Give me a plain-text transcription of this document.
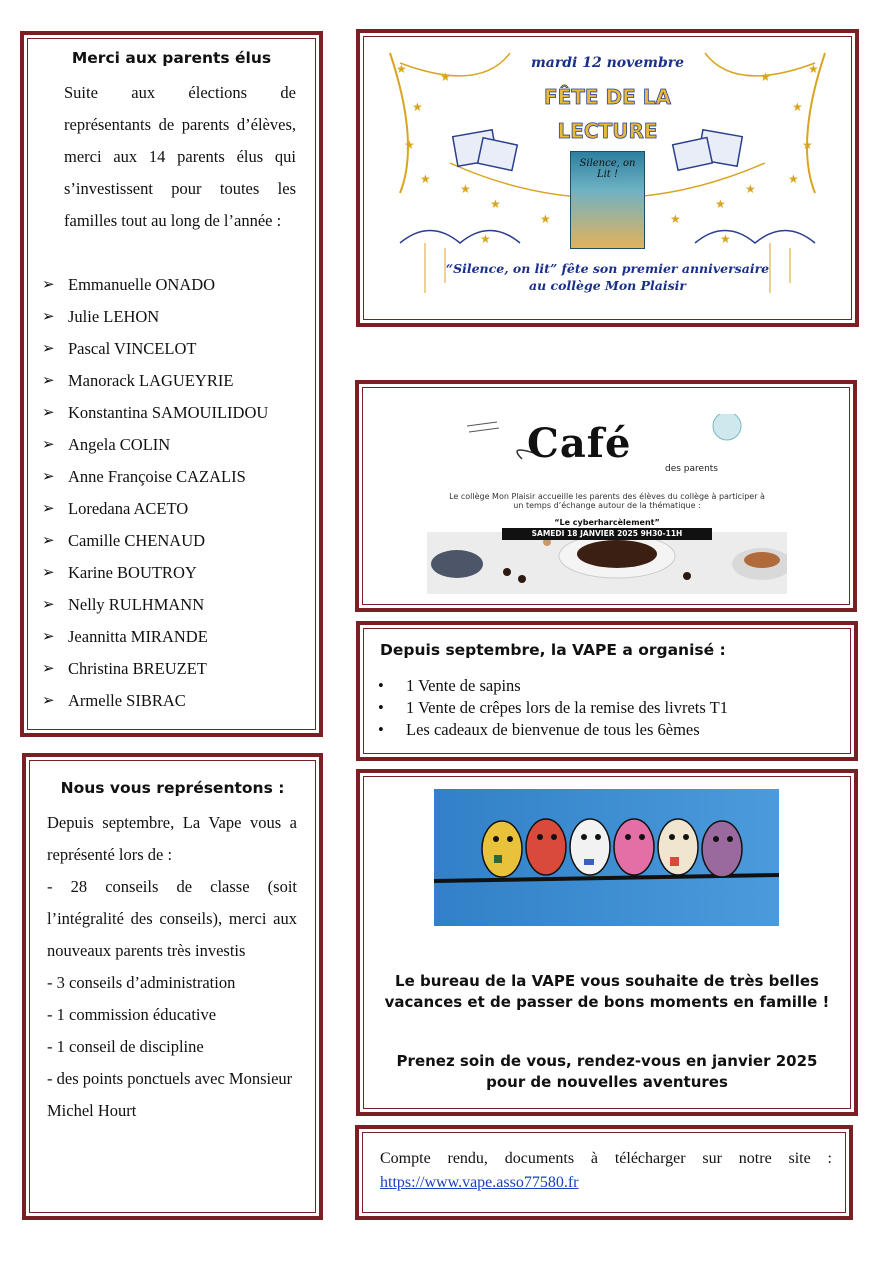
Merci aux parents élus
Suite aux élections de représentants de parents d’élèves, merci aux 14 parents élus qui s’investissent pour toutes les familles tout au long de l’année :
➢ Emmanuelle ONADO
➢ Julie LEHON
➢ Pascal VINCELOT
➢ Manorack LAGUEYRIE
➢ Konstantina SAMOUILIDOU
➢ Angela COLIN
➢ Anne Françoise CAZALIS
➢ Loredana ACETO
➢ Camille CHENAUD
➢ Karine BOUTROY
➢ Nelly RULHMANN
➢ Jeannitta MIRANDE
➢ Christina BREUZET
➢ Armelle SIBRAC
Nous vous représentons :
Depuis septembre, La Vape vous a représenté lors de :
- 28 conseils de classe (soit l’intégralité des conseils), merci aux nouveaux parents très investis
- 3 conseils d’administration
- 1 commission éducative
- 1 conseil de discipline
- des points ponctuels avec Monsieur Michel Hourt
★
★
★
★
★
★
★
★
★
★
★	★
★
★
★	★
★	★
mardi 12 novembre
FÊTE DE LA
LECTURE
Silence, on Lit !
“Silence, on lit” fête son premier anniversaire
au collège Mon Plaisir
Café
des parents
Le collège Mon Plaisir accueille les parents des élèves du collège à participer à un temps d’échange autour de la thématique :
“Le cyberharcèlement”
SAMEDI 18 JANVIER 2025 9H30-11H
Depuis septembre, la VAPE a organisé :
• 1 Vente de sapins
• 1 Vente de crêpes lors de la remise des livrets T1
• Les cadeaux de bienvenue de tous les 6èmes
Le bureau de la VAPE vous souhaite de très belles vacances et de passer de bons moments en famille !
Prenez soin de vous, rendez-vous en janvier 2025 pour de nouvelles aventures
Compte rendu, documents à télécharger sur notre site :
https://www.vape.asso77580.fr
